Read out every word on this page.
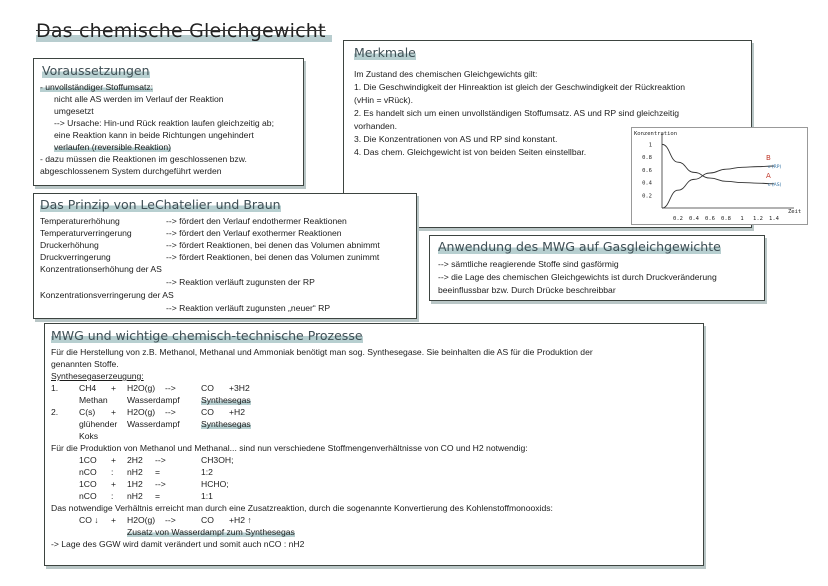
Das chemische Gleichgewicht
Voraussetzungen
- unvollständiger Stoffumsatz:
nicht alle AS werden im Verlauf der Reaktion
umgesetzt
--> Ursache: Hin-und Rück reaktion laufen gleichzeitig ab;
eine Reaktion kann in beide Richtungen ungehindert
verlaufen (reversible Reaktion)
- dazu müssen die Reaktionen im geschlossenen bzw.
abgeschlossenem System durchgeführt werden
Merkmale
Im Zustand des chemischen Gleichgewichts gilt:
1. Die Geschwindigkeit der Hinreaktion ist gleich der Geschwindigkeit der Rückreaktion
(vHin = vRück).
2. Es handelt sich um einen unvollständigen Stoffumsatz. AS und RP sind gleichzeitig
vorhanden.
3. Die Konzentrationen von AS und RP sind konstant.
4. Das chem. Gleichgewicht ist von beiden Seiten einstellbar.
Konzentration
Zeit
0.2
0.4
0.6
0.8
1
0.2 0.4 0.6 0.8 1 1.2 1.4
B
c (RP)
A
c (AS)
Das Prinzip von LeChatelier und Braun
Temperaturerhöhung	--> fördert den Verlauf endothermer Reaktionen
Temperaturverringerung	--> fördert den Verlauf exothermer Reaktionen
Druckerhöhung	--> fördert Reaktionen, bei denen das Volumen abnimmt
Druckverringerung	--> fördert Reaktionen, bei denen das Volumen zunimmt
Konzentrationserhöhung der AS
--> Reaktion verläuft zugunsten der RP
Konzentrationsverringerung der AS
--> Reaktion verläuft zugunsten „neuer“ RP
Anwendung des MWG auf Gasgleichgewichte
--> sämtliche reagierende Stoffe sind gasförmig
--> die Lage des chemischen Gleichgewichts ist durch Druckveränderung
beeinflussbar bzw. Durch Drücke beschreibbar
MWG und wichtige chemisch-technische Prozesse
Für die Herstellung von z.B. Methanol, Methanal und Ammoniak benötigt man sog. Synthesegase. Sie beinhalten die AS für die Produktion der
genannten Stoffe.
Synthesegaserzeugung:
1. CH4 + H2O(g) -->	CO +3H2
Methan Wasserdampf Synthesegas
2. C(s) + H2O(g) -->	CO +H2
glühender Wasserdampf Synthesegas
Koks
Für die Produktion von Methanol und Methanal... sind nun verschiedene Stoffmengenverhältnisse von CO und H2 notwendig:
1CO + 2H2 -->	CH3OH;
nCO : nH2 =	1:2
1CO + 1H2 -->	HCHO;
nCO : nH2 =	1:1
Das notwendige Verhältnis erreicht man durch eine Zusatzreaktion, durch die sogenannte Konvertierung des Kohlenstoffmonooxids:
CO ↓ + H2O(g) -->	CO +H2 ↑
Zusatz von Wasserdampf zum Synthesegas
-> Lage des GGW wird damit verändert und somit auch nCO : nH2
